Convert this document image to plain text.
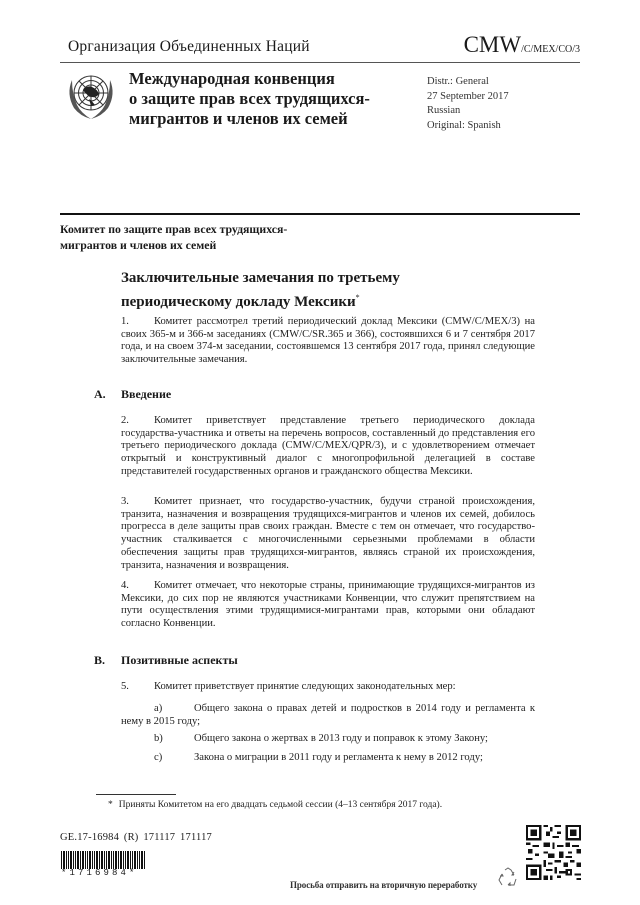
Организация Объединенных Наций	CMW/C/MEX/CO/3
Международная конвенция
о защите прав всех трудящихся-
мигрантов и членов их семей
Distr.: General
27 September 2017
Russian
Original: Spanish
Комитет по защите прав всех трудящихся-
мигрантов и членов их семей
Заключительные замечания по третьему
периодическому докладу Мексики*
1. Комитет рассмотрел третий периодический доклад Мексики (CMW/C/MEX/3) на своих 365-м и 366-м заседаниях (CMW/C/SR.365 и 366), состоявшихся 6 и 7 сентября 2017 года, и на своем 374-м заседании, состоявшемся 13 сентября 2017 года, принял следующие заключительные замечания.
A. Введение
2. Комитет приветствует представление третьего периодического доклада государства-участника и ответы на перечень вопросов, составленный до представления его третьего периодического доклада (CMW/C/MEX/QPR/3), и с удовлетворением отмечает открытый и конструктивный диалог с многопрофильной делегацией в составе представителей государственных органов и гражданского общества Мексики.
3. Комитет признает, что государство-участник, будучи страной происхождения, транзита, назначения и возвращения трудящихся-мигрантов и членов их семей, добилось прогресса в деле защиты прав своих граждан. Вместе с тем он отмечает, что государство-участник сталкивается с многочисленными серьезными проблемами в области обеспечения защиты прав трудящихся-мигрантов, являясь страной их происхождения, транзита, назначения и возвращения.
4. Комитет отмечает, что некоторые страны, принимающие трудящихся-мигрантов из Мексики, до сих пор не являются участниками Конвенции, что служит препятствием на пути осуществления этими трудящимися-мигрантами прав, которыми они обладают согласно Конвенции.
B. Позитивные аспекты
5. Комитет приветствует принятие следующих законодательных мер:
a)	Общего закона о правах детей и подростков в 2014 году и регламента к нему в 2015 году;
b)	Общего закона о жертвах в 2013 году и поправок к этому Закону;
c)	Закона о миграции в 2011 году и регламента к нему в 2012 году;
* Приняты Комитетом на его двадцать седьмой сессии (4–13 сентября 2017 года).
GE.17-16984 (R) 171117 171117
*1716984*
Просьба отправить на вторичную переработку
